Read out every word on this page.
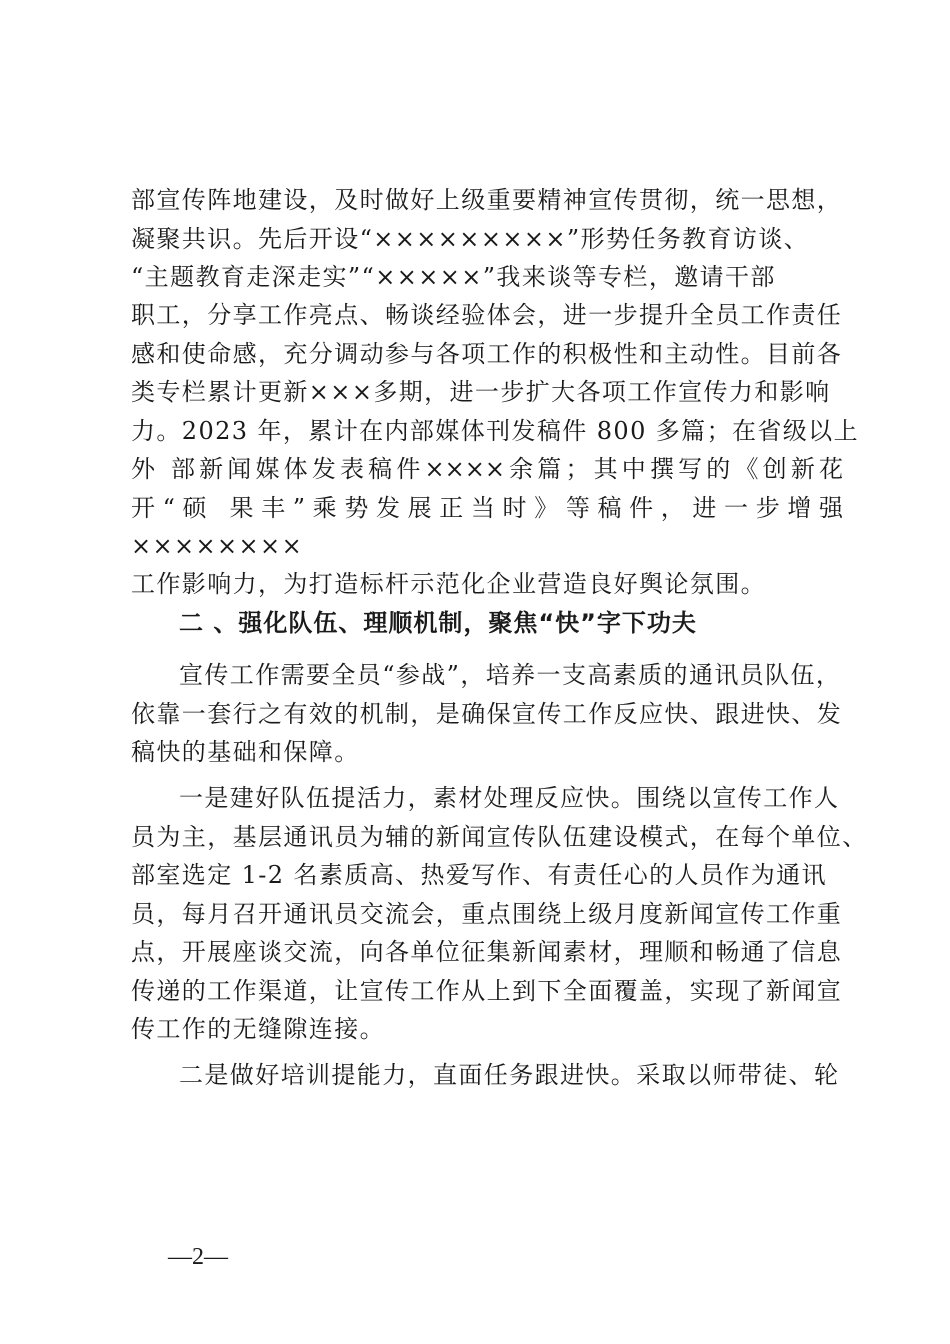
部宣传阵地建设，及时做好上级重要精神宣传贯彻，统一思想，
凝聚共识。先后开设“×××××××××”形势任务教育访谈、
“主题教育走深走实”“×××××”我来谈等专栏，邀请干部
职工，分享工作亮点、畅谈经验体会，进一步提升全员工作责任
感和使命感，充分调动参与各项工作的积极性和主动性。目前各
类专栏累计更新×××多期，进一步扩大各项工作宣传力和影响
力。2023 年，累计在内部媒体刊发稿件 800 多篇；在省级以上
外 部新闻媒体发表稿件××××余篇；其中撰写的《创新花
开“硕 果丰”乘势发展正当时》等稿件，进一步增强
××××××××
工作影响力，为打造标杆示范化企业营造良好舆论氛围。
二 、强化队伍、理顺机制，聚焦“快”字下功夫
宣传工作需要全员“参战”，培养一支高素质的通讯员队伍，
依靠一套行之有效的机制，是确保宣传工作反应快、跟进快、发
稿快的基础和保障。
一是建好队伍提活力，素材处理反应快。围绕以宣传工作人
员为主，基层通讯员为辅的新闻宣传队伍建设模式，在每个单位、
部室选定 1-2 名素质高、热爱写作、有责任心的人员作为通讯
员，每月召开通讯员交流会，重点围绕上级月度新闻宣传工作重
点，开展座谈交流，向各单位征集新闻素材，理顺和畅通了信息
传递的工作渠道，让宣传工作从上到下全面覆盖，实现了新闻宣
传工作的无缝隙连接。
二是做好培训提能力，直面任务跟进快。采取以师带徒、轮
—2—
